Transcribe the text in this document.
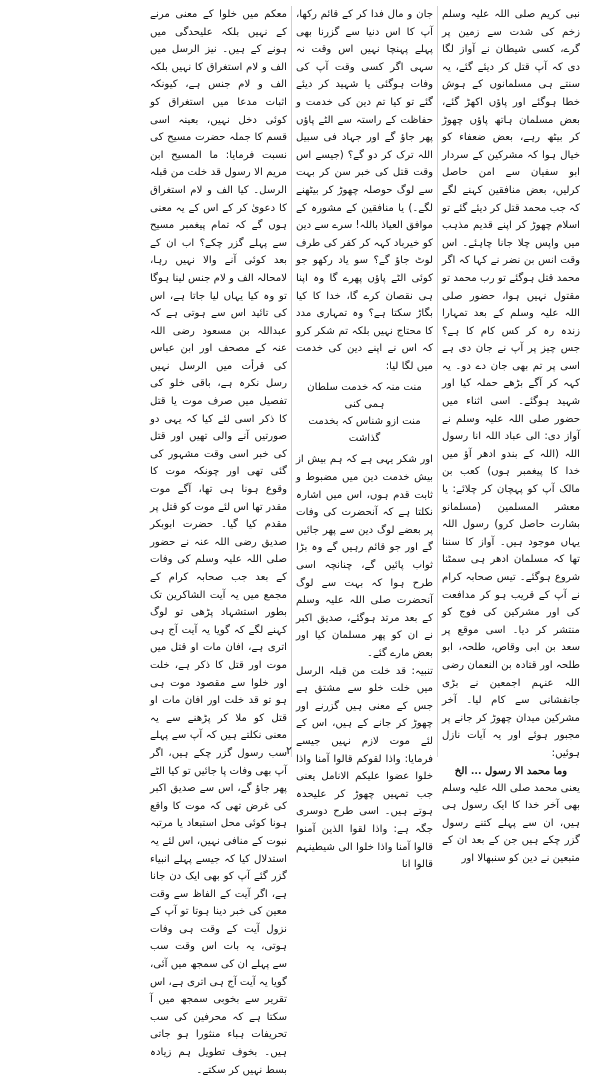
نبی کریم صلی اللہ علیہ وسلم زخم کی شدت سے زمین پر گرے، کسی شیطان نے آواز لگا دی کہ آپ قتل کر دیئے گئے، یہ سنتے ہی مسلمانوں کے ہوش خطا ہوگئے اور پاؤں اکھڑ گئے، بعض مسلمان ہاتھ پاؤں چھوڑ کر بیٹھ رہے، بعض ضعفاء کو خیال ہوا کہ مشرکین کے سردار ابو سفیان سے امن حاصل کرلیں، بعض منافقین کہنے لگے کہ جب محمد قتل کر دیئے گئے تو اسلام چھوڑ کر اپنے قدیم مذہب میں واپس چلا جانا چاہئے۔ اس وقت انس بن نضر نے کہا کہ اگر محمد قتل ہوگئے تو رب محمد تو مقتول نہیں ہوا، حضور صلی اللہ علیہ وسلم کے بعد تمہارا زندہ رہ کر کس کام کا ہے؟ جس چیز پر آپ نے جان دی ہے اسی پر تم بھی جان دے دو۔ یہ کہہ کر آگے بڑھے حملہ کیا اور شہید ہوگئے۔ اسی اثناء میں حضور صلی اللہ علیہ وسلم نے آواز دی: الی عباد اللہ انا رسول اللہ (اللہ کے بندو ادھر آؤ میں خدا کا پیغمبر ہوں) کعب بن مالک آپ کو پہچان کر چلائے: یا معشر المسلمین (مسلمانو بشارت حاصل کرو) رسول اللہ یہاں موجود ہیں۔ آواز کا سننا تھا کہ مسلمان ادھر ہی سمٹنا شروع ہوگئے۔ تیس صحابہ کرام نے آپ کے قریب ہو کر مدافعت کی اور مشرکین کی فوج کو منتشر کر دیا۔ اسی موقع پر سعد بن ابی وقاص، طلحہ، ابو طلحہ اور قتادہ بن النعمان رضی اللہ عنہم اجمعین نے بڑی جانفشانی سے کام لیا۔ آخر مشرکین میدان چھوڑ کر جانے پر مجبور ہوئے اور یہ آیات نازل ہوئیں:

وما محمد الا رسول ... الخ

یعنی محمد صلی اللہ علیہ وسلم بھی آخر خدا کا ایک رسول ہی ہیں، ان سے پہلے کتنے رسول گزر چکے ہیں جن کے بعد ان کے متبعین نے دین کو سنبھالا اور

جان و مال فدا کر کے قائم رکھا، آپ کا اس دنیا سے گزرنا بھی پہلے پہنچا نہیں اس وقت نہ سہی اگر کسی وقت آپ کی وفات ہوگئی یا شہید کر دیئے گئے تو کیا تم دین کی خدمت و حفاظت کے راستہ سے الٹے پاؤں پھر جاؤ گے اور جہاد فی سبیل اللہ ترک کر دو گے؟ (جیسے اس وقت قتل کی خبر سن کر بہت سے لوگ حوصلہ چھوڑ کر بیٹھنے لگے۔) یا منافقین کے مشورہ کے موافق العیاذ باللہ! سرے سے دین کو خیرباد کہہ کر کفر کی طرف لوٹ جاؤ گے؟ سو یاد رکھو جو کوئی الٹے پاؤں پھرے گا وہ اپنا ہی نقصان کرے گا، خدا کا کیا بگاڑ سکتا ہے؟ وہ تمہاری مدد کا محتاج نہیں بلکہ تم شکر کرو کہ اس نے اپنے دین کی خدمت میں لگا لیا:

منت منہ کہ خدمت سلطان ہمی کنی
منت ازو شناس کہ بخدمت گذاشت

اور شکر یہی ہے کہ ہم بیش از بیش خدمت دین میں مضبوط و ثابت قدم ہوں، اس میں اشارہ نکلتا ہے کہ آنحضرت کی وفات پر بعضے لوگ دین سے پھر جائیں گے اور جو قائم رہیں گے وہ بڑا ثواب پائیں گے، چنانچہ اسی طرح ہوا کہ بہت سے لوگ آنحضرت صلی اللہ علیہ وسلم کے بعد مرتد ہوگئے، صدیق اکبر نے ان کو پھر مسلمان کیا اور بعض مارے گئے۔

تنبیہ: قد خلت من قبلہ الرسل میں خلت خلو سے مشتق ہے جس کے معنی ہیں گزرنے اور چھوڑ کر جانے کے ہیں، اس کے لئے موت لازم نہیں جیسے فرمایا: واذا لقوکم قالوا آمنا واذا خلوا عضوا علیکم الانامل یعنی جب تمہیں چھوڑ کر علیحدہ ہوتے ہیں۔ اسی طرح دوسری جگہ ہے: واذا لقوا الذین آمنوا قالوا آمنا واذا خلوا الی شیطینہم قالوا انا

معکم میں خلوا کے معنی مرنے کے نہیں بلکہ علیحدگی میں ہونے کے ہیں۔ نیز الرسل میں الف و لام استغراق کا نہیں بلکہ الف و لام جنس ہے، کیونکہ اثبات مدعا میں استغراق کو کوئی دخل نہیں، بعینہ اسی قسم کا جملہ حضرت مسیح کی نسبت فرمایا: ما المسیح ابن مریم الا رسول قد خلت من قبلہ الرسل۔ کیا الف و لام استغراق کا دعویٰ کر کے اس کے یہ معنی ہوں گے کہ تمام پیغمبر مسیح سے پہلے گزر چکے؟ اب ان کے بعد کوئی آنے والا نہیں رہا، لامحالہ الف و لام جنس لینا ہوگا تو وہ کیا یہاں لیا جاتا ہے، اس کی تائید اس سے ہوتی ہے کہ عبداللہ بن مسعود رضی اللہ عنہ کے مصحف اور ابن عباس کی قرأت میں الرسل نہیں رسل نکرہ ہے، باقی خلو کی تفصیل میں صرف موت یا قتل کا ذکر اسی لئے کیا کہ یہی دو صورتیں آنے والی تھیں اور قتل کی خبر اسی وقت مشہور کی گئی تھی اور چونکہ موت کا وقوع ہونا ہی تھا، آگے موت مقدر تھا اس لئے موت کو قتل پر مقدم کیا گیا۔ حضرت ابوبکر صدیق رضی اللہ عنہ نے حضور صلی اللہ علیہ وسلم کی وفات کے بعد جب صحابہ کرام کے مجمع میں یہ آیت الشاکرین تک بطور استشہاد پڑھی تو لوگ کہنے لگے کہ گویا یہ آیت آج ہی اتری ہے، افان مات او قتل میں موت اور قتل کا ذکر ہے، خلت اور خلوا سے مقصود موت ہی ہو تو قد خلت اور افان مات او قتل کو ملا کر پڑھنے سے یہ معنی نکلتے ہیں کہ آپ سے پہلے سب رسول گزر چکے ہیں، اگر آپ بھی وفات پا جائیں تو کیا الٹے پھر جاؤ گے، اس سے صدیق اکبر کی غرض تھی کہ موت کا واقع ہونا کوئی محل استبعاد یا مرتبہ نبوت کے منافی نہیں، اس لئے یہ استدلال کیا کہ جیسے پہلے انبیاء گزر گئے آپ کو بھی ایک دن جانا ہے، اگر آیت کے الفاظ سے وقت معین کی خبر دینا ہوتا تو آپ کے نزول آیت کے وقت ہی وفات ہوتی، یہ بات اس وقت سب سے پہلے ان کی سمجھ میں آئی، گویا یہ آیت آج ہی اتری ہے، اس تقریر سے بخوبی سمجھ میں آ سکتا ہے کہ محرفین کی سب تحریفات ہباء منثورا ہو جاتی ہیں۔ بخوف تطویل ہم زیادہ بسط نہیں کر سکتے۔

۲
